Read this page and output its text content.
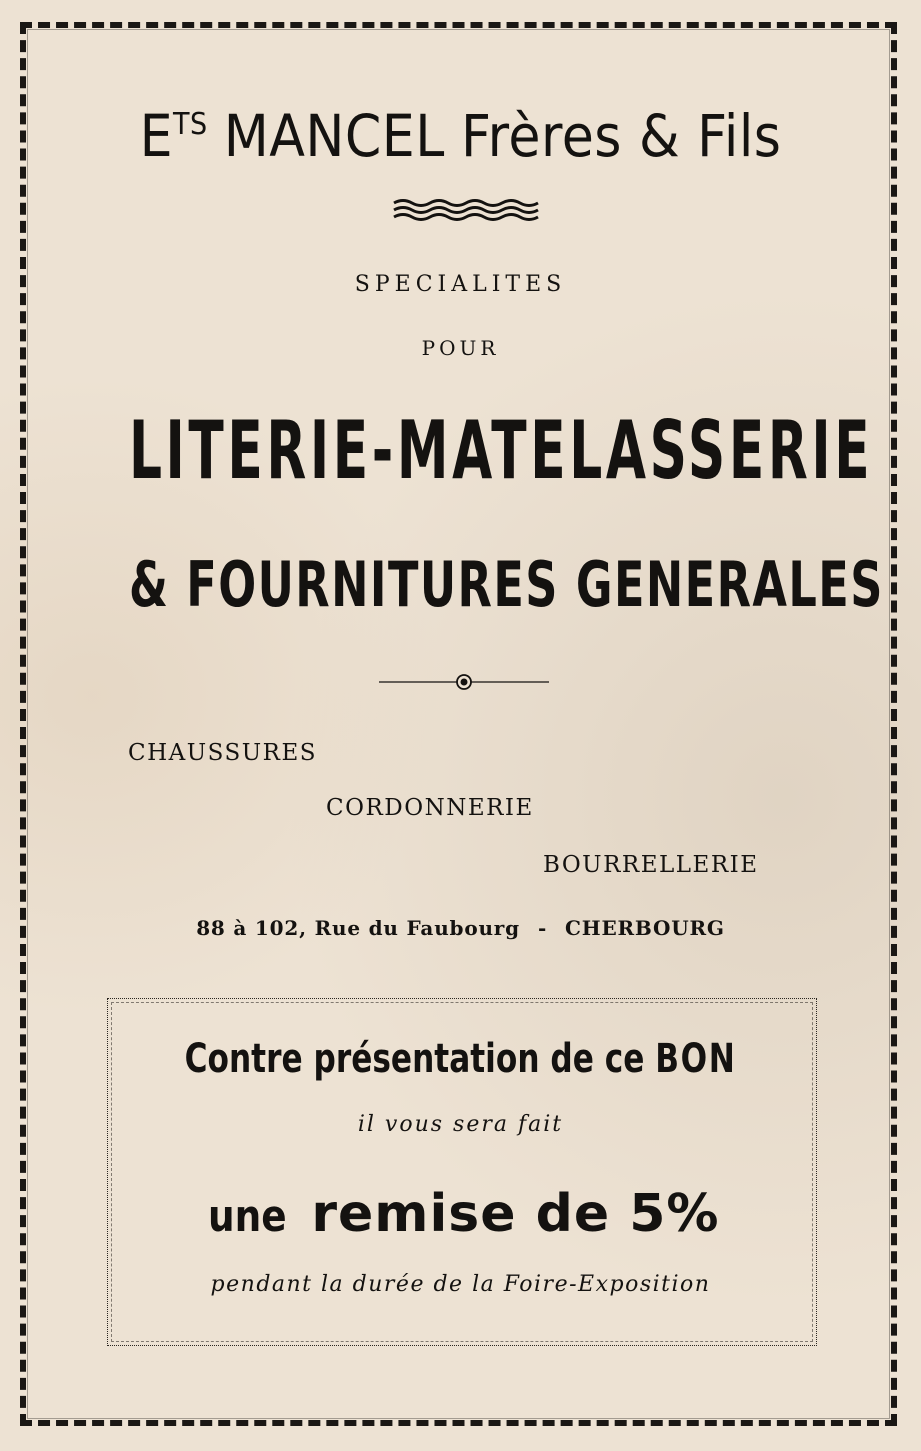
$E^{TS}$ MANCEL Frères & Fils
SPECIALITES
POUR
LITERIE-MATELASSERIE
& FOURNITURES GENERALES
CHAUSSURES
CORDONNERIE
BOURRELLERIE
88 à 102, Rue du Faubourg - CHERBOURG
Contre présentation de ce BON
il vous sera fait
une remise de 5%
pendant la durée de la Foire-Exposition
